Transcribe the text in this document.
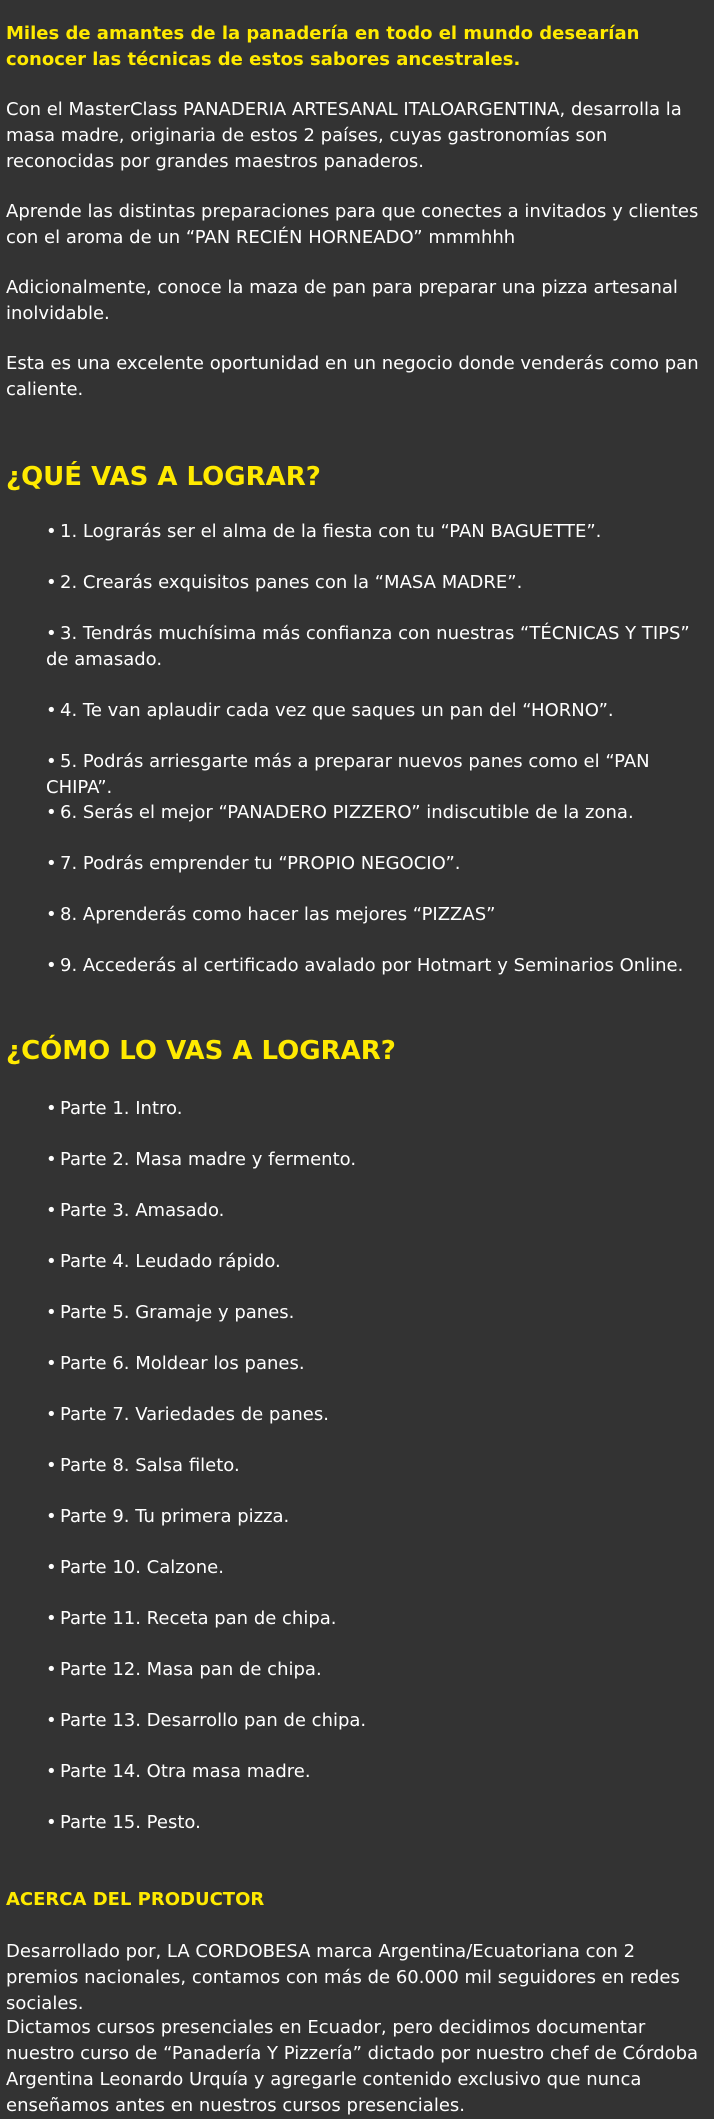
Miles de amantes de la panadería en todo el mundo desearían conocer las técnicas de estos sabores ancestrales.

Con el MasterClass PANADERIA ARTESANAL ITALOARGENTINA, desarrolla la masa madre, originaria de estos 2 países, cuyas gastronomías son reconocidas por grandes maestros panaderos.

Aprende las distintas preparaciones para que conectes a invitados y clientes con el aroma de un “PAN RECIÉN HORNEADO” mmmhhh

Adicionalmente, conoce la maza de pan para preparar una pizza artesanal inolvidable.

Esta es una excelente oportunidad en un negocio donde venderás como pan caliente.

¿QUÉ VAS A LOGRAR?
• 1. Lograrás ser el alma de la fiesta con tu “PAN BAGUETTE”.
• 2. Crearás exquisitos panes con la “MASA MADRE”.
• 3. Tendrás muchísima más confianza con nuestras “TÉCNICAS Y TIPS” de amasado.
• 4. Te van aplaudir cada vez que saques un pan del “HORNO”.
• 5. Podrás arriesgarte más a preparar nuevos panes como el “PAN CHIPA”.
• 6. Serás el mejor “PANADERO PIZZERO” indiscutible de la zona.
• 7. Podrás emprender tu “PROPIO NEGOCIO”.
• 8. Aprenderás como hacer las mejores “PIZZAS”
• 9. Accederás al certificado avalado por Hotmart y Seminarios Online.
¿CÓMO LO VAS A LOGRAR?
• Parte 1. Intro.
• Parte 2. Masa madre y fermento.
• Parte 3. Amasado.
• Parte 4. Leudado rápido.
• Parte 5. Gramaje y panes.
• Parte 6. Moldear los panes.
• Parte 7. Variedades de panes.
• Parte 8. Salsa fileto.
• Parte 9. Tu primera pizza.
• Parte 10. Calzone.
• Parte 11. Receta pan de chipa.
• Parte 12. Masa pan de chipa.
• Parte 13. Desarrollo pan de chipa.
• Parte 14. Otra masa madre.
• Parte 15. Pesto.
ACERCA DEL PRODUCTOR

Desarrollado por, LA CORDOBESA marca Argentina/Ecuatoriana con 2 premios nacionales, contamos con más de 60.000 mil seguidores en redes sociales.

Dictamos cursos presenciales en Ecuador, pero decidimos documentar nuestro curso de “Panadería Y Pizzería” dictado por nuestro chef de Córdoba Argentina Leonardo Urquía y agregarle contenido exclusivo que nunca enseñamos antes en nuestros cursos presenciales.
